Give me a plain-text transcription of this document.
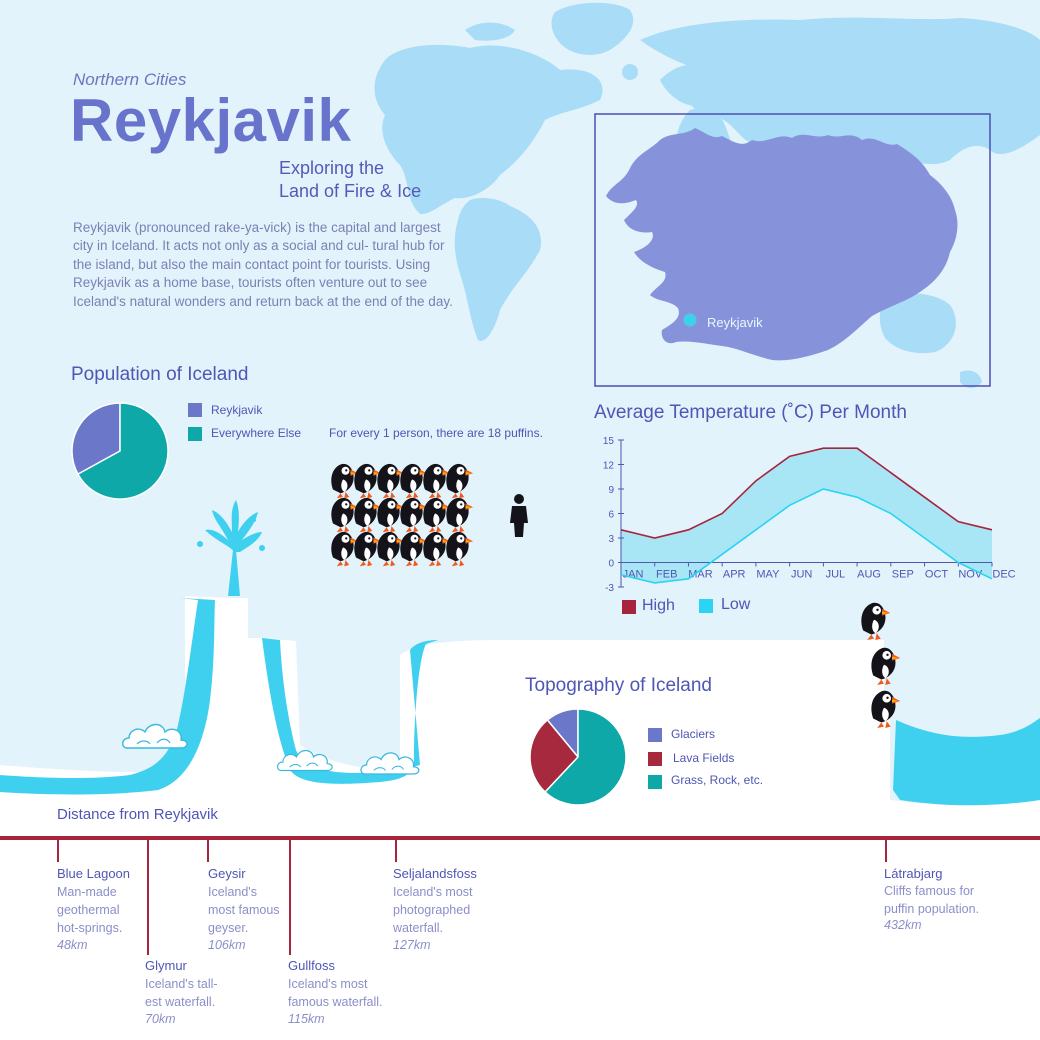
Northern Cities

Reykjavik

Exploring the
Land of Fire & Ice

Reykjavik (pronounced rake-ya-vick) is the capital and largest city in Iceland. It acts not only as a social and cul- tural hub for the island, but also the main contact point for tourists. Using Reykjavik as a home base, tourists often venture out to see Iceland's natural wonders and return back at the end of the day.

Reykjavik

Population of Iceland

Reykjavik
Everywhere Else For every 1 person, there are 18 puffins.

Average Temperature (˚C) Per Month

15
12
9
6
3
0
-3
JAN FEB MAR APR MAY JUN JUL AUG SEP OCT NOV DEC
High	Low

Topography of Iceland

Glaciers
Lava Fields
Grass, Rock, etc.

Distance from Reykjavik

Blue Lagoon
Man-made
geothermal
hot-springs.
48km
Glymur
Iceland's tall-
est waterfall.
70km
Geysir
Iceland's
most famous
geyser.
106km
Gullfoss
Iceland's most
famous waterfall.
115km
Seljalandsfoss
Iceland's most
photographed
waterfall.
127km
Látrabjarg
Cliffs famous for
puffin population.
432km
